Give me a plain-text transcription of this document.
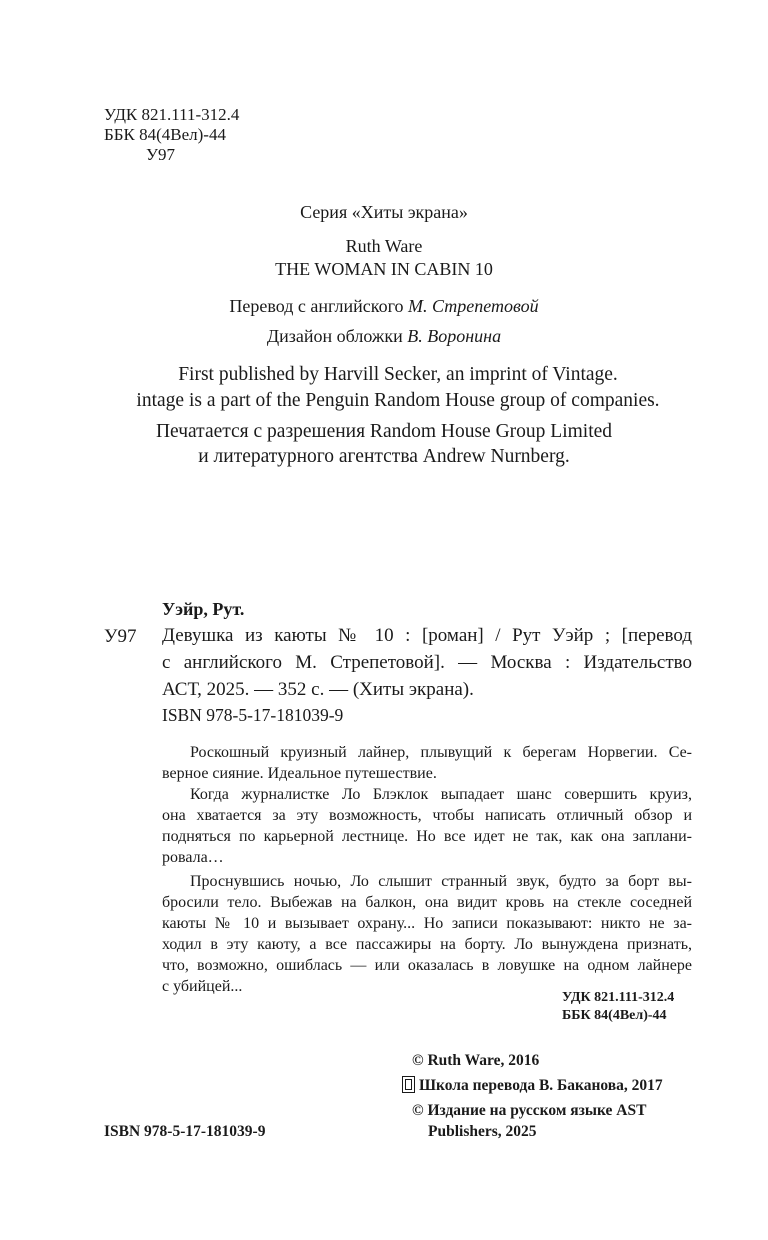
УДК 821.111-312.4
ББК 84(4Вел)-44
У97
Серия «Хиты экрана»
Ruth Ware
THE WOMAN IN CABIN 10
Перевод с английского М. Стрепетовой
Дизайон обложки В. Воронина
First published by Harvill Secker, an imprint of Vintage.
intage is a part of the Penguin Random House group of companies.
Печатается с разрешения Random House Group Limited
и литературного агентства Andrew Nurnberg.
Уэйр, Рут.
У97 Девушка из каюты № 10 : [роман] / Рут Уэйр ; [перевод
с английского М. Стрепетовой]. — Москва : Издательство
АСТ, 2025. — 352 с. — (Хиты экрана).
ISBN 978-5-17-181039-9
Роскошный круизный лайнер, плывущий к берегам Норвегии. Се-
верное сияние. Идеальное путешествие.
Когда журналистке Ло Блэклок выпадает шанс совершить круиз,
она хватается за эту возможность, чтобы написать отличный обзор и
подняться по карьерной лестнице. Но все идет не так, как она заплани-
ровала…
Проснувшись ночью, Ло слышит странный звук, будто за борт вы-
бросили тело. Выбежав на балкон, она видит кровь на стекле соседней
каюты № 10 и вызывает охрану... Но записи показывают: никто не за-
ходил в эту каюту, а все пассажиры на борту. Ло вынуждена признать,
что, возможно, ошиблась — или оказалась в ловушке на одном лайнере
с убийцей...
УДК 821.111-312.4
ББК 84(4Вел)-44
© Ruth Ware, 2016
Школа перевода В. Баканова, 2017
© Издание на русском языке AST
Publishers, 2025
ISBN 978-5-17-181039-9
